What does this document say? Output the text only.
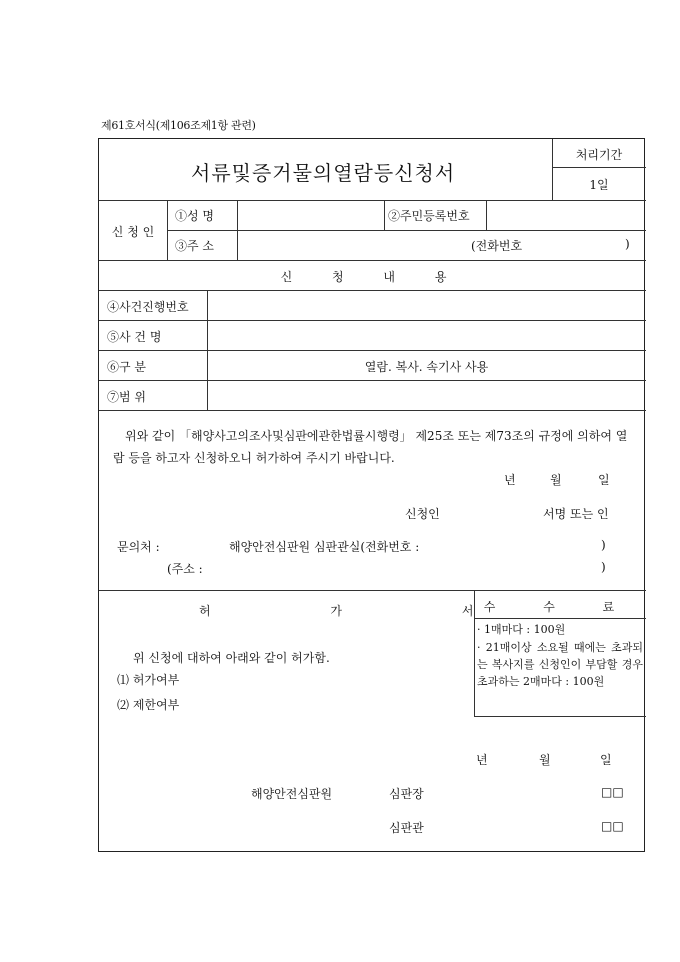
제61호서식(제106조제1항 관련)
서류및증거물의열람등신청서
처리기간
1일
신 청 인
①성 명	②주민등록번호
③주 소	(전화번호	)
신 청 내 용
④사건진행번호
⑤사 건 명
⑥구 분	열람. 복사. 속기사 사용
⑦범 위
위와 같이 「해양사고의조사및심판에관한법률시행령」 제25조 또는 제73조의 규정에 의하여 열람 등을 하고자 신청하오니 허가하여 주시기 바랍니다.
년	월	일
신청인	서명 또는 인
문의처 :	해양안전심판원 심판관실(전화번호 :	)
(주소 :	)
허 가 서
위 신청에 대하여 아래와 같이 허가함.
⑴ 허가여부
⑵ 제한여부
수 수 료
· 1매마다 : 100원
· 21매이상 소요될 때에는 초과되는 복사지를 신청인이 부담할 경우 초과하는 2매마다 : 100원
년	월	일
해양안전심판원	심판장	□□
심판관	□□
